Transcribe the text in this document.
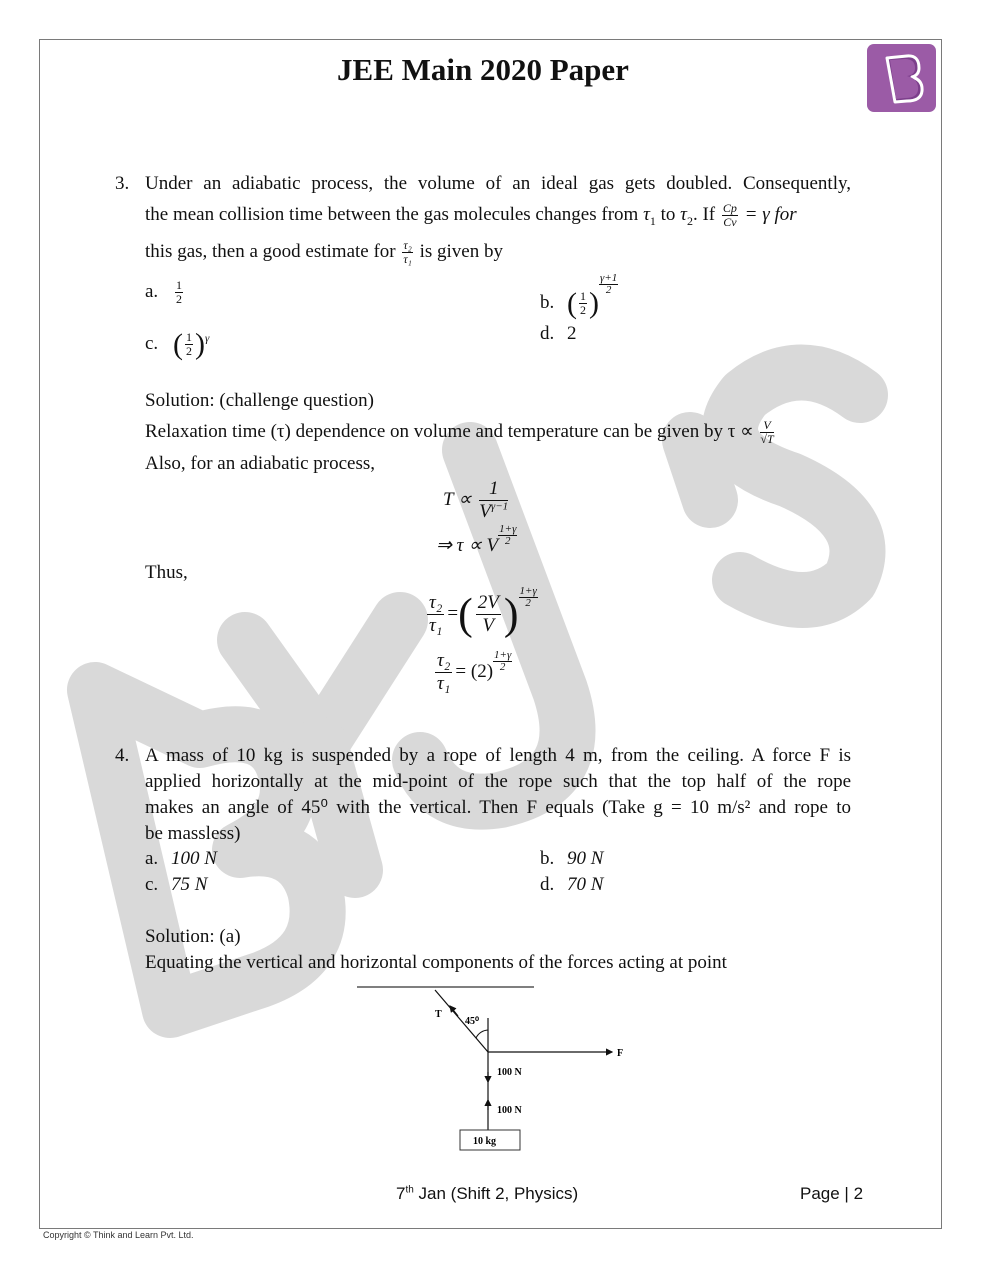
JEE Main 2020 Paper
3. Under an adiabatic process, the volume of an ideal gas gets doubled. Consequently,
the mean collision time between the gas molecules changes from $\tau_1$ to $\tau_2$. If $\frac{Cp}{Cv} = \gamma$ for
this gas, then a good estimate for $\frac{\text{τ₂}}{\text{τ₁}}$ is given by
a. $\frac{1}{2}$	b. ( $\frac{1}{2}$ )
$\frac{\gamma+1}{2}$
c. ( $\frac{1}{2} )^\gamma$	d. 2
Solution: (challenge question)
Relaxation time (τ) dependence on volume and temperature can be given by $\tau \propto \frac{V}{√T}$
Also, for an adiabatic process,
$T \propto \frac{1}{V^{\gamma-1}}$
⇒ τ ∝ V $\frac{1+\gamma}{2}$
Thus,
$\frac{\text{τ₂}}{\text{τ₁}}$ =( $\frac{2V}{V}$ ) $\frac{1+\gamma}{2}$
$\frac{\text{τ₂}}{\text{τ₁}} = (2) \frac{1+\gamma}{2}$
4. A mass of 10 kg is suspended by a rope of length 4 m, from the ceiling. A force F is
applied horizontally at the mid-point of the rope such that the top half of the rope
makes an angle of 45⁰ with the vertical. Then F equals (Take g = 10 m/s² and rope to
be massless)
a. 100 N	b. 90 N
c. 75 N	d. 70 N
Solution: (a)
Equating the vertical and horizontal components of the forces acting at point
T
45⁰
F
100 N
100 N
10 kg
7th Jan (Shift 2, Physics)	Page | 2
Copyright © Think and Learn Pvt. Ltd.
